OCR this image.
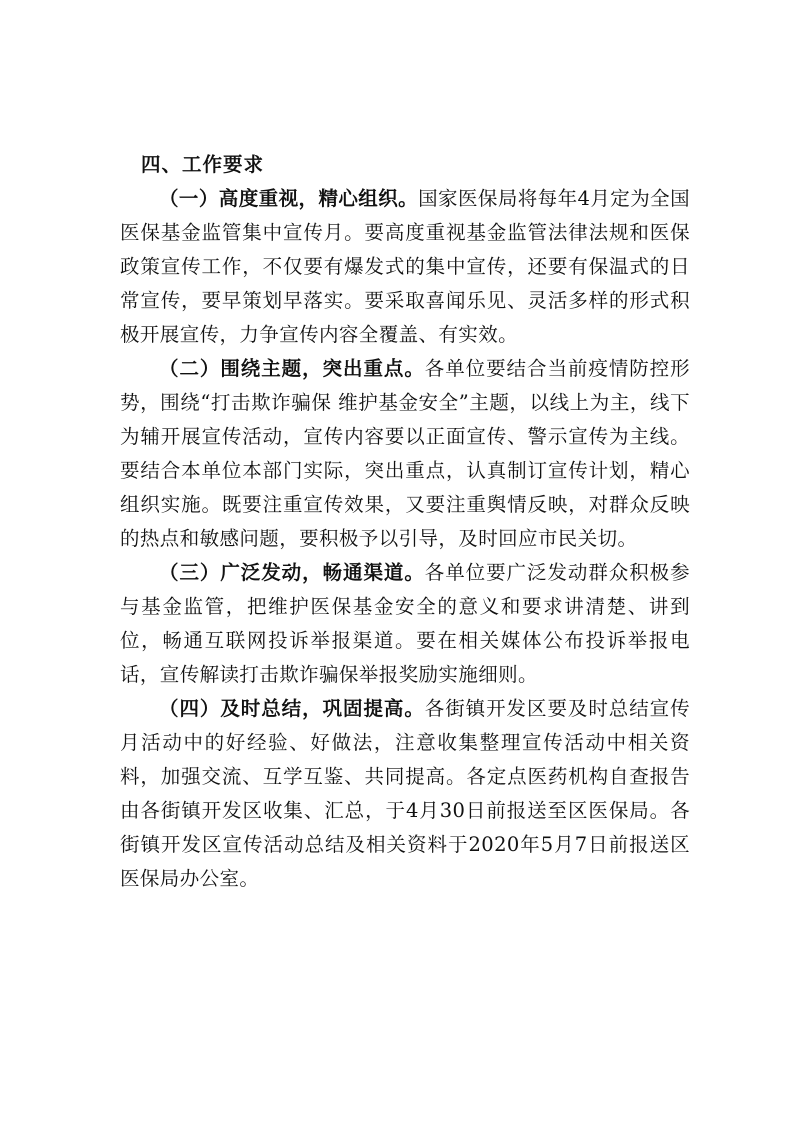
四、工作要求

（一）高度重视，精心组织。国家医保局将每年4月定为全国医保基金监管集中宣传月。要高度重视基金监管法律法规和医保政策宣传工作，不仅要有爆发式的集中宣传，还要有保温式的日常宣传，要早策划早落实。要采取喜闻乐见、灵活多样的形式积极开展宣传，力争宣传内容全覆盖、有实效。

（二）围绕主题，突出重点。各单位要结合当前疫情防控形势，围绕“打击欺诈骗保 维护基金安全”主题，以线上为主，线下为辅开展宣传活动，宣传内容要以正面宣传、警示宣传为主线。要结合本单位本部门实际，突出重点，认真制订宣传计划，精心组织实施。既要注重宣传效果，又要注重舆情反映，对群众反映的热点和敏感问题，要积极予以引导，及时回应市民关切。

（三）广泛发动，畅通渠道。各单位要广泛发动群众积极参与基金监管，把维护医保基金安全的意义和要求讲清楚、讲到位，畅通互联网投诉举报渠道。要在相关媒体公布投诉举报电话，宣传解读打击欺诈骗保举报奖励实施细则。

（四）及时总结，巩固提高。各街镇开发区要及时总结宣传月活动中的好经验、好做法，注意收集整理宣传活动中相关资料，加强交流、互学互鉴、共同提高。各定点医药机构自查报告由各街镇开发区收集、汇总，于4月30日前报送至区医保局。各街镇开发区宣传活动总结及相关资料于2020年5月7日前报送区医保局办公室。
